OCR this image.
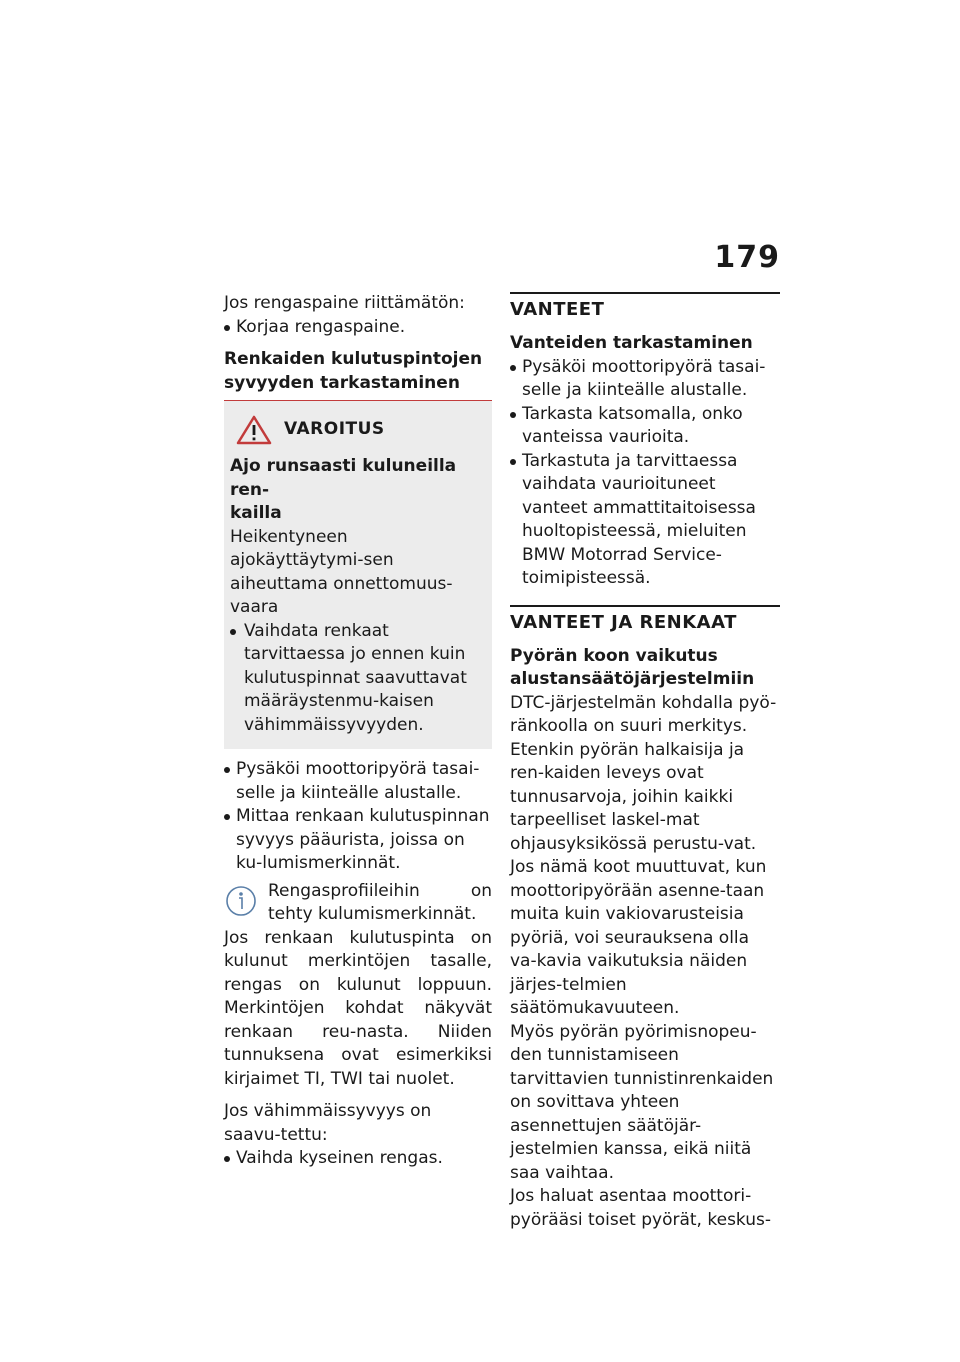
179

Jos rengaspaine riittämätön:

Korjaa rengaspaine.

Renkaiden kulutuspintojen

syvyyden tarkastaminen

VAROITUS

Ajo runsaasti kuluneilla ren-

kailla

Heikentyneen ajokäyttäytymi-sen aiheuttama onnettomuus-vaara

Vaihdata renkaat tarvittaessa jo ennen kuin kulutuspinnat saavuttavat määräystenmu-kaisen vähimmäissyvyyden.
Pysäköi moottoripyörä tasai-selle ja kiinteälle alustalle.
Mittaa renkaan kulutuspinnan syvyys pääurista, joissa on ku-lumismerkinnät.

Rengasprofiileihin on tehty kulumismerkinnät.

Jos renkaan kulutuspinta on kulunut merkintöjen tasalle, rengas on kulunut loppuun. Merkintöjen kohdat näkyvät renkaan reu-nasta. Niiden tunnuksena ovat esimerkiksi kirjaimet TI, TWI tai nuolet.

Jos vähimmäissyvyys on saavu-tettu:

Vaihda kyseinen rengas.

VANTEET

Vanteiden tarkastaminen

Pysäköi moottoripyörä tasai-selle ja kiinteälle alustalle.
Tarkasta katsomalla, onko vanteissa vaurioita.
Tarkastuta ja tarvittaessa vaihdata vaurioituneet vanteet ammattitaitoisessa huoltopisteessä, mieluiten BMW Motorrad Service-toimipisteessä.

VANTEET JA RENKAAT

Pyörän koon vaikutus

alustansäätöjärjestelmiin

DTC-järjestelmän kohdalla pyö-ränkoolla on suuri merkitys. Etenkin pyörän halkaisija ja ren-kaiden leveys ovat tunnusarvoja, joihin kaikki tarpeelliset laskel-mat ohjausyksikössä perustu-vat. Jos nämä koot muuttuvat, kun moottoripyörään asenne-taan muita kuin vakiovarusteisia pyöriä, voi seurauksena olla va-kavia vaikutuksia näiden järjes-telmien säätömukavuuteen.

Myös pyörän pyörimisnopeu-den tunnistamiseen tarvittavien tunnistinrenkaiden on sovittava yhteen asennettujen säätöjär-jestelmien kanssa, eikä niitä saa vaihtaa.

Jos haluat asentaa moottori-pyörääsi toiset pyörät, keskus-
